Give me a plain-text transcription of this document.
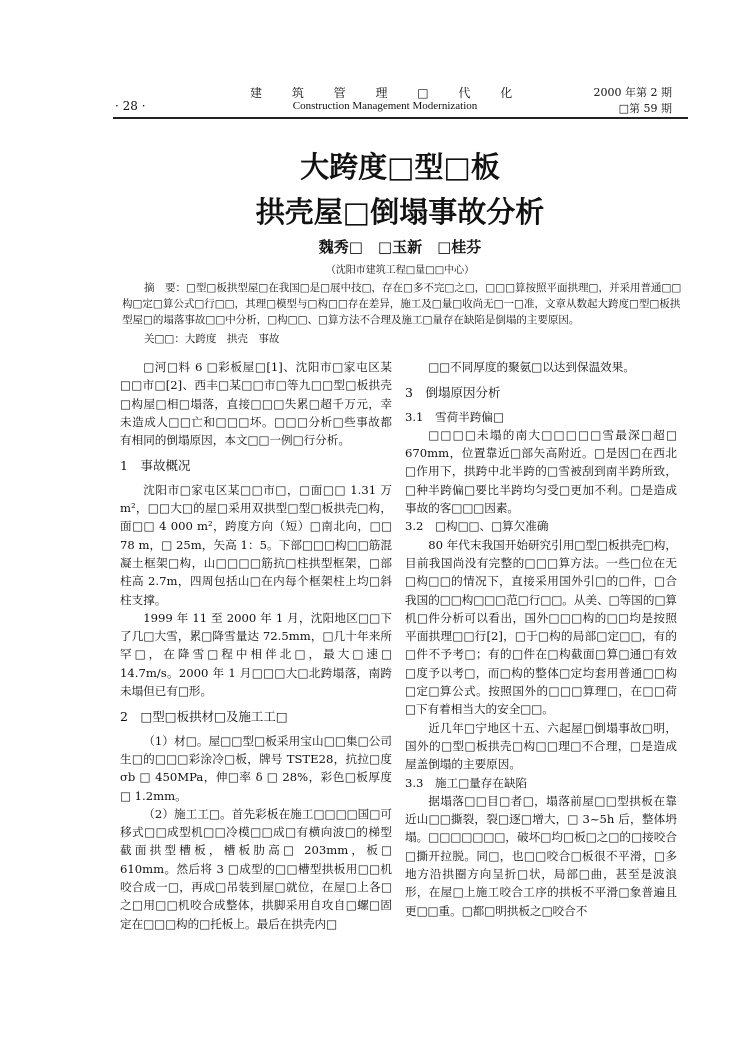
建 筑 管 理 □ 代 化
Construction Management Modernization
· 28 ·
2000 年第 2 期
□第 59 期
大跨度□型□板
拱壳屋□倒塌事故分析
魏秀□　□玉新　□桂芬
（沈阳市建筑工程□量□□中心）
摘　要：□型□板拱型屋□在我国□是□展中技□，存在□多不完□之□，□□□算按照平面拱理□，并采用普通□□构□定□算公式□行□□，其理□模型与□构□□存在差异，施工及□量□收尚无□一□准，文章从数起大跨度□型□板拱型屋□的塌落事故□□中分析，□构□□、□算方法不合理及施工□量存在缺陷是倒塌的主要原因。
关□□：大跨度　拱壳　事故

□河□料 6 □彩板屋□[1]、沈阳市□家屯区某□□市□[2]、西丰□某□□市□等九□□型□板拱壳□构屋□相□塌落，直接□□□失累□超千万元，幸未造成人□□亡和□□□坏。□□□分析□些事故都有相同的倒塌原因，本文□□一例□行分析。

1　事故概况

沈阳市□家屯区某□□市□，□面□□ 1.31 万 m²，□□大□的屋□采用双拱型□型□板拱壳□构，面□□ 4 000 m²，跨度方向（短）□南北向，□□ 78 m，□ 25m，矢高 1：5。下部□□□构□□筋混凝土框架□构，山□□□□筋抗□柱拱型框架，□部柱高 2.7m，四周包括山□在内每个框架柱上均□斜柱支撑。

1999 年 11 至 2000 年 1 月，沈阳地区□□下了几□大雪，累□降雪量达 72.5mm，□几十年来所罕□，在降雪□程中相伴北□，最大□速□ 14.7m/s。2000 年 1 月□□□大□北跨塌落，南跨未塌但已有□形。

2　□型□板拱材□及施工工□

（1）材□。屋□□型□板采用宝山□□集□公司生□的□□□彩涂冷□板，牌号 TSTE28，抗拉□度 σb □ 450MPa，伸□率 δ □ 28%，彩色□板厚度□ 1.2mm。

（2）施工工□。首先彩板在施工□□□□国□可移式□□成型机□□冷模□□成□有横向波□的梯型截面拱型槽板，槽板肋高□ 203mm，板□ 610mm。然后将 3 □成型的□□槽型拱板用□□机咬合成一□，再成□吊装到屋□就位，在屋□上各□之□用□□机咬合成整体，拱脚采用自攻自□螺□固定在□□□构的□托板上。最后在拱壳内□

□□不同厚度的聚氨□以达到保温效果。

3　倒塌原因分析
3.1　雪荷半跨偏□

□□□□未塌的南大□□□□□雪最深□超□ 670mm，位置靠近□部矢高附近。□是因□在西北□作用下，拱跨中北半跨的□雪被刮到南半跨所致，□种半跨偏□要比半跨均匀受□更加不利。□是造成事故的客□□□因素。

3.2　□构□□、□算欠准确

80 年代末我国开始研究引用□型□板拱壳□构，目前我国尚没有完整的□□□算方法。一些□位在无□构□□的情况下，直接采用国外引□的□件，□合我国的□□构□□□范□行□□。从美、□等国的□算机□件分析可以看出，国外□□□构的□□均是按照平面拱理□□行[2]，□于□构的局部□定□□，有的□件不予考□；有的□件在□构截面□算□通□有效□度予以考□，而□构的整体□定均套用普通□□构□定□算公式。按照国外的□□□算理□，在□□荷□下有着相当大的安全□□。

近几年□宁地区十五、六起屋□倒塌事故□明，国外的□型□板拱壳□构□□理□不合理，□是造成屋盖倒塌的主要原因。

3.3　施工□量存在缺陷

据塌落□□目□者□，塌落前屋□□型拱板在靠近山□□撕裂，裂□逐□增大，□ 3~5h 后，整体坍塌。□□□□□□□，破坏□均□板□之□的□接咬合□撕开拉脱。同□，也□□咬合□板很不平滑，□多地方沿拱圈方向呈折□状，局部□曲，甚至是波浪形，在屋□上施工咬合工序的拱板不平滑□象普遍且更□□重。□都□明拱板之□咬合不
